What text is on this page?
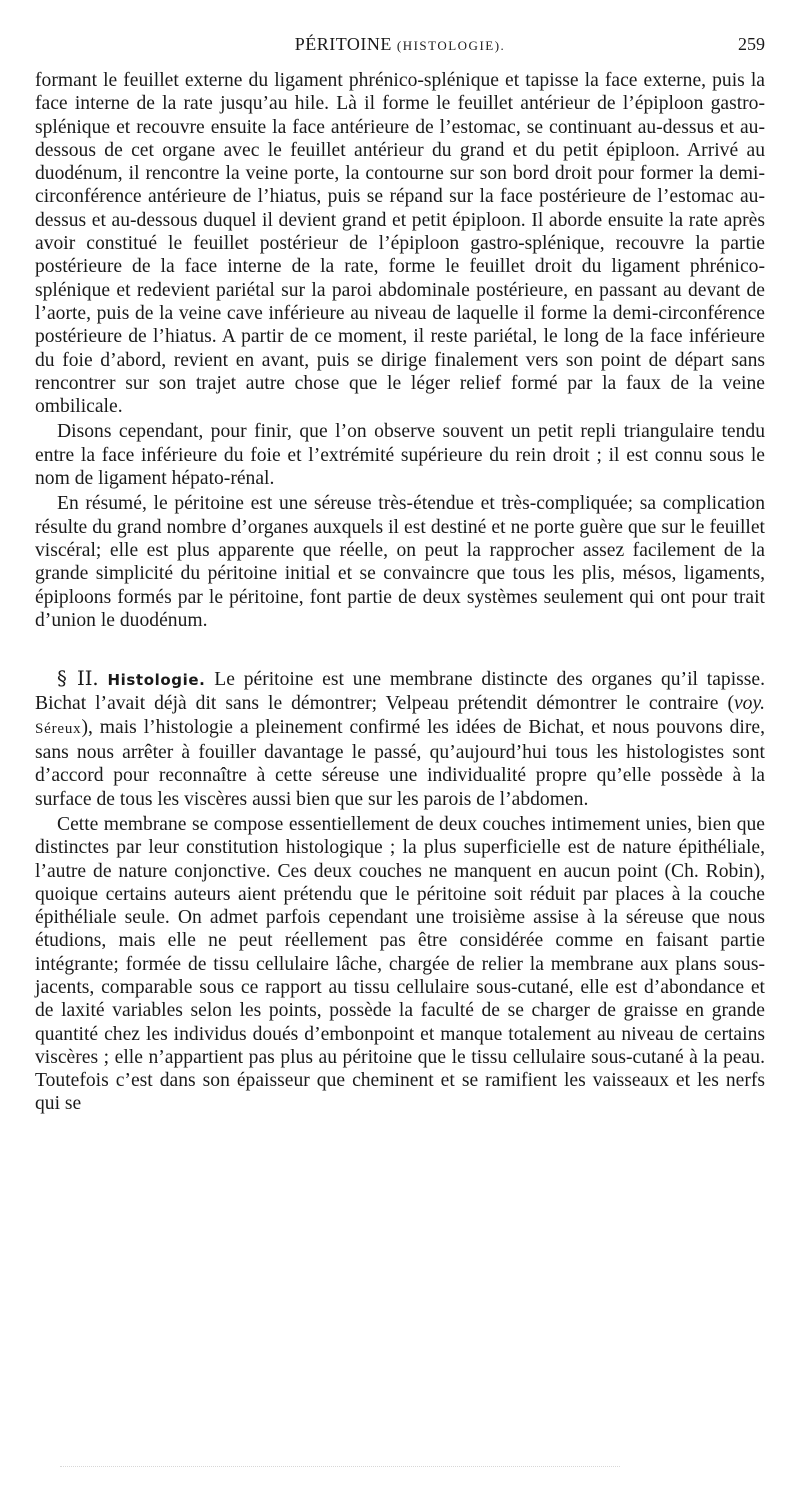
PÉRITOINE (HISTOLOGIE).	259

formant le feuillet externe du ligament phrénico-splénique et tapisse la face externe, puis la face interne de la rate jusqu’au hile. Là il forme le feuillet antérieur de l’épiploon gastro-splénique et recouvre ensuite la face antérieure de l’estomac, se continuant au-dessus et au-dessous de cet organe avec le feuillet antérieur du grand et du petit épiploon. Arrivé au duodénum, il rencontre la veine porte, la contourne sur son bord droit pour former la demi-circonférence antérieure de l’hiatus, puis se répand sur la face postérieure de l’estomac au-dessus et au-dessous duquel il devient grand et petit épiploon. Il aborde ensuite la rate après avoir constitué le feuillet postérieur de l’épiploon gastro-splénique, recouvre la partie postérieure de la face interne de la rate, forme le feuillet droit du ligament phrénico-splénique et redevient pariétal sur la paroi abdominale postérieure, en passant au devant de l’aorte, puis de la veine cave inférieure au niveau de laquelle il forme la demi-circonférence postérieure de l’hiatus. A partir de ce moment, il reste pariétal, le long de la face inférieure du foie d’abord, revient en avant, puis se dirige finalement vers son point de départ sans rencontrer sur son trajet autre chose que le léger relief formé par la faux de la veine ombilicale.

Disons cependant, pour finir, que l’on observe souvent un petit repli triangulaire tendu entre la face inférieure du foie et l’extrémité supérieure du rein droit ; il est connu sous le nom de ligament hépato-rénal.

En résumé, le péritoine est une séreuse très-étendue et très-compliquée; sa complication résulte du grand nombre d’organes auxquels il est destiné et ne porte guère que sur le feuillet viscéral; elle est plus apparente que réelle, on peut la rapprocher assez facilement de la grande simplicité du péritoine initial et se convaincre que tous les plis, mésos, ligaments, épiploons formés par le péritoine, font partie de deux systèmes seulement qui ont pour trait d’union le duodénum.

§ II. Histologie. Le péritoine est une membrane distincte des organes qu’il tapisse. Bichat l’avait déjà dit sans le démontrer; Velpeau prétendit démontrer le contraire (voy. Séreux), mais l’histologie a pleinement confirmé les idées de Bichat, et nous pouvons dire, sans nous arrêter à fouiller davantage le passé, qu’aujourd’hui tous les histologistes sont d’accord pour reconnaître à cette séreuse une individualité propre qu’elle possède à la surface de tous les viscères aussi bien que sur les parois de l’abdomen.

Cette membrane se compose essentiellement de deux couches intimement unies, bien que distinctes par leur constitution histologique ; la plus superficielle est de nature épithéliale, l’autre de nature conjonctive. Ces deux couches ne manquent en aucun point (Ch. Robin), quoique certains auteurs aient prétendu que le péritoine soit réduit par places à la couche épithéliale seule. On admet parfois cependant une troisième assise à la séreuse que nous étudions, mais elle ne peut réellement pas être considérée comme en faisant partie intégrante; formée de tissu cellulaire lâche, chargée de relier la membrane aux plans sous-jacents, comparable sous ce rapport au tissu cellulaire sous-cutané, elle est d’abondance et de laxité variables selon les points, possède la faculté de se charger de graisse en grande quantité chez les individus doués d’embonpoint et manque totalement au niveau de certains viscères ; elle n’appartient pas plus au péritoine que le tissu cellulaire sous-cutané à la peau. Toutefois c’est dans son épaisseur que cheminent et se ramifient les vaisseaux et les nerfs qui se
